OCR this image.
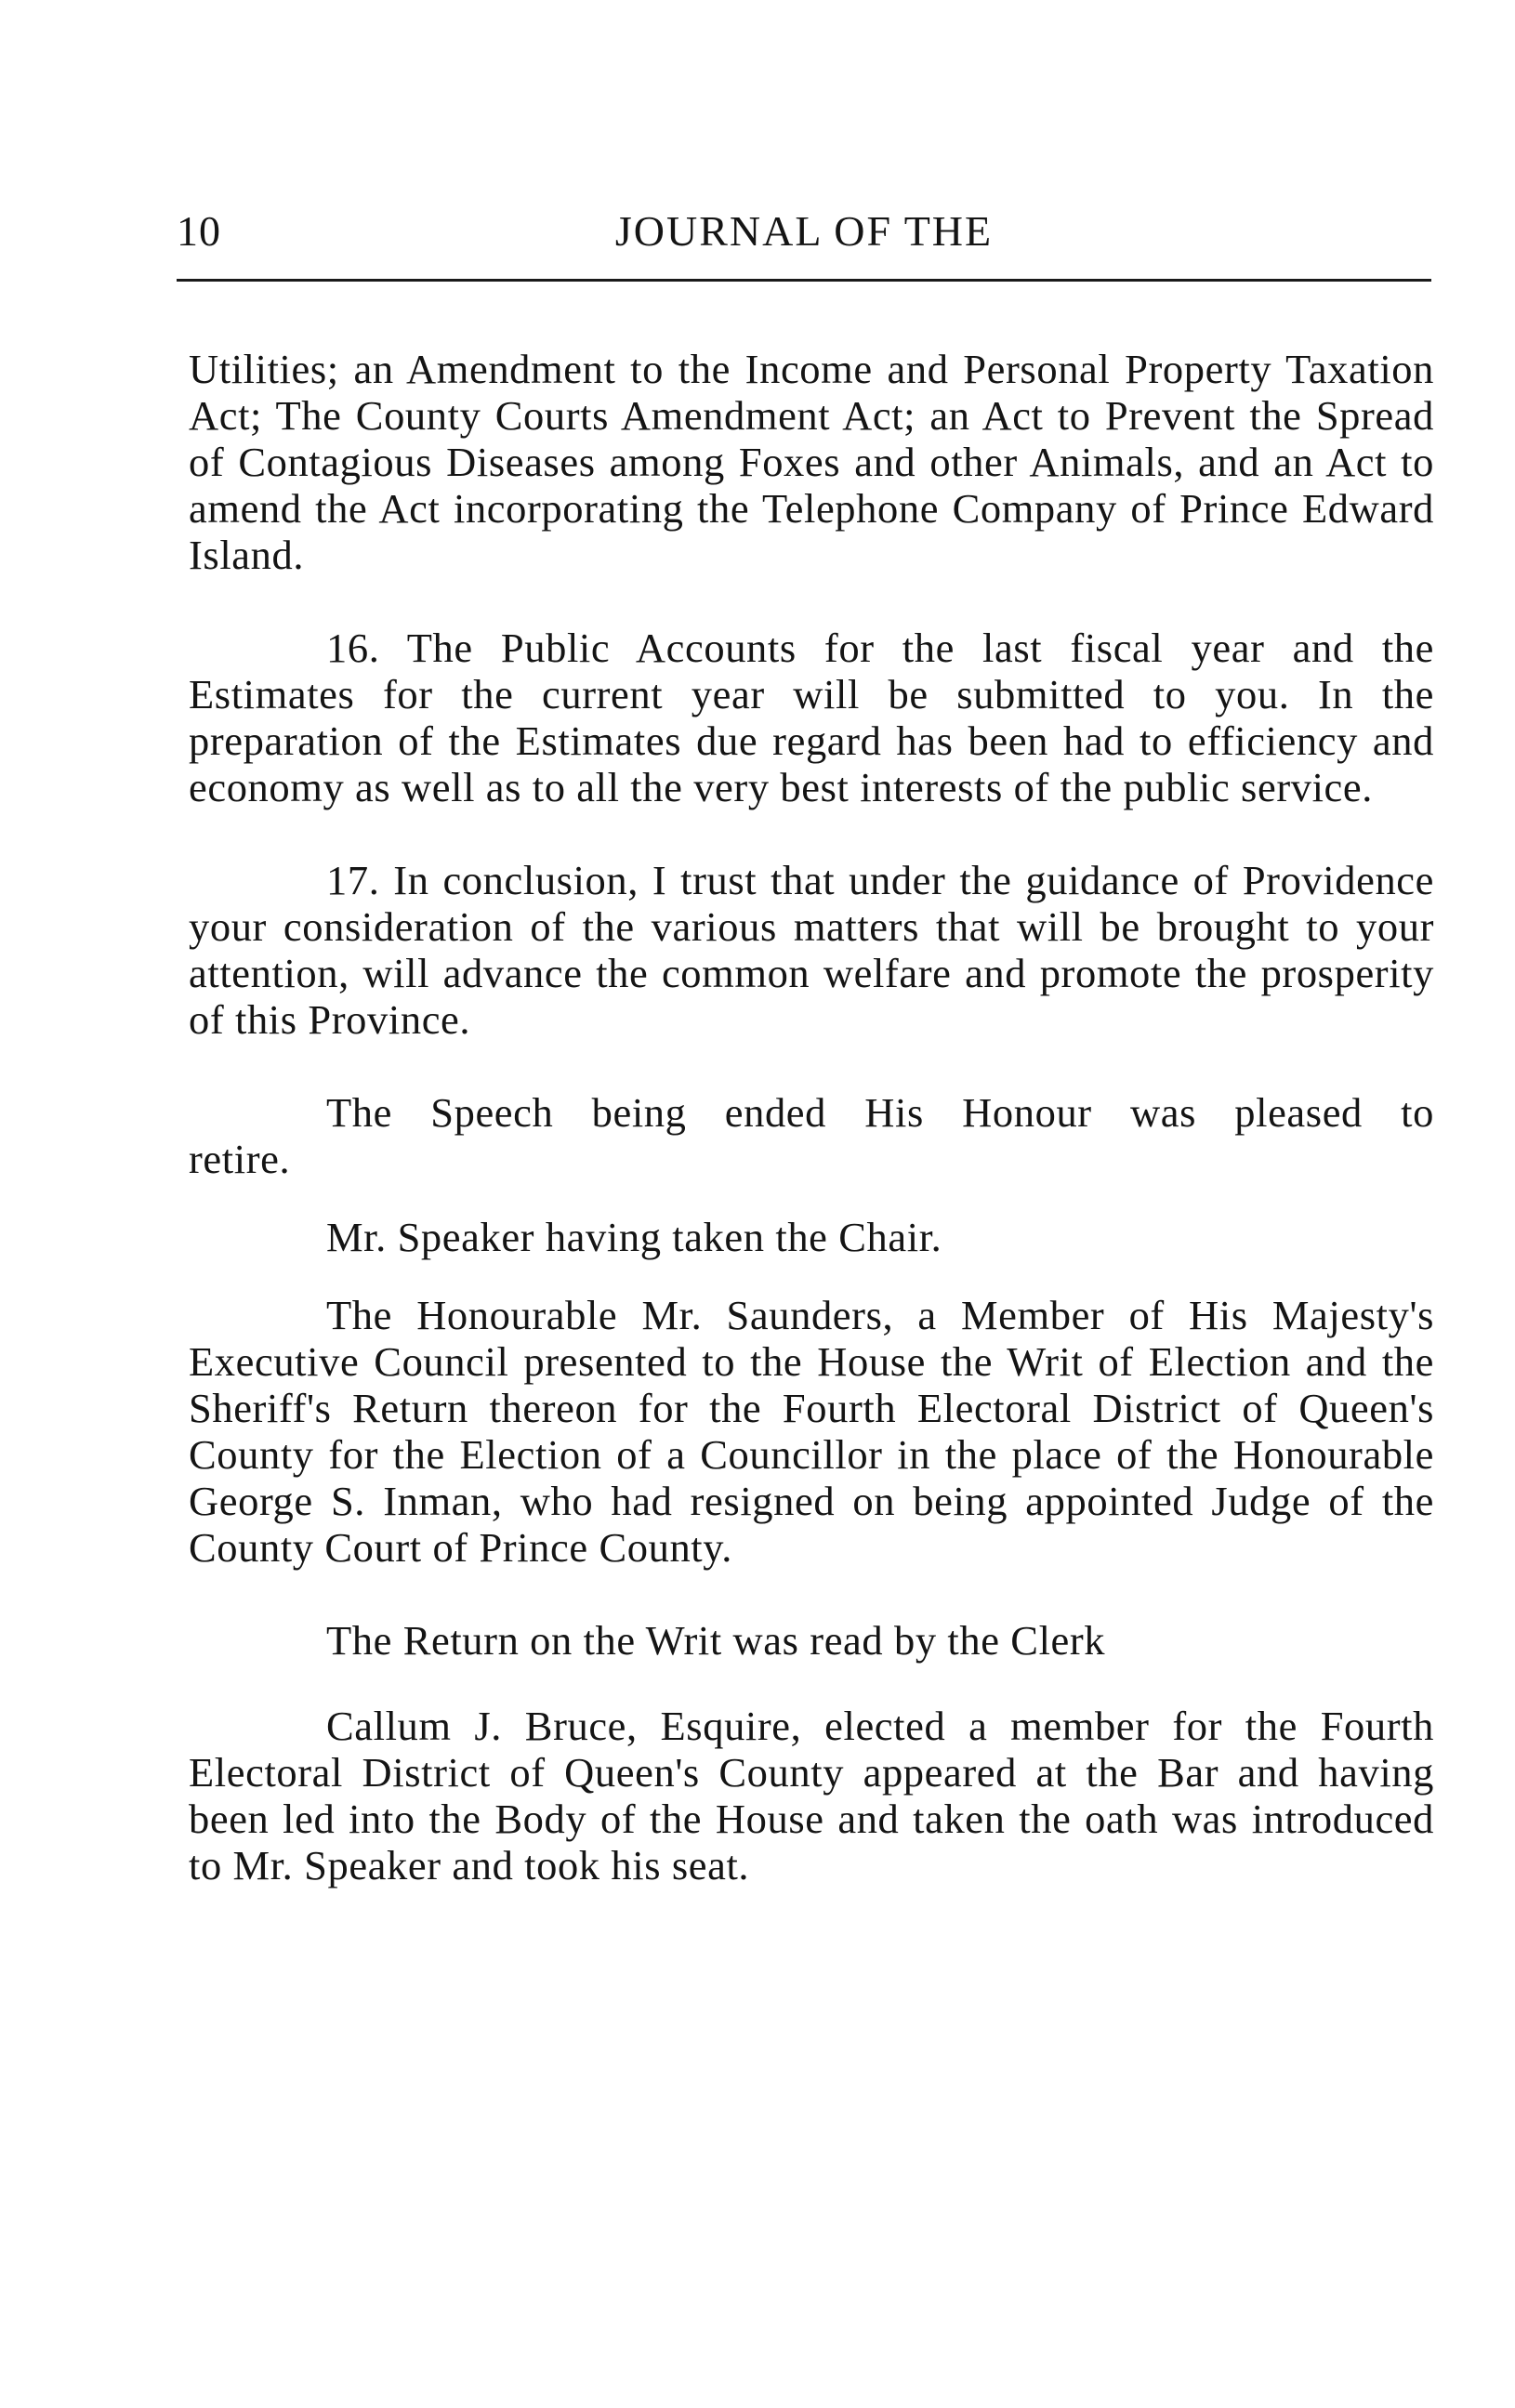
10	JOURNAL OF THE

Utilities; an Amendment to the Income and Personal Property Taxation Act; The County Courts Amendment Act; an Act to Prevent the Spread of Contagious Diseases among Foxes and other Animals, and an Act to amend the Act incorporating the Telephone Company of Prince Edward Island.

16. The Public Accounts for the last fiscal year and the Estimates for the current year will be submitted to you. In the preparation of the Estimates due regard has been had to efficiency and economy as well as to all the very best interests of the public service.

17. In conclusion, I trust that under the guidance of Providence your consideration of the various matters that will be brought to your attention, will advance the common welfare and promote the prosperity of this Province.

The Speech being ended His Honour was pleased to
retire.

Mr. Speaker having taken the Chair.

The Honourable Mr. Saunders, a Member of His Majesty's Executive Council presented to the House the Writ of Election and the Sheriff's Return thereon for the Fourth Electoral District of Queen's County for the Election of a Councillor in the place of the Honourable George S. Inman, who had resigned on being appointed Judge of the County Court of Prince County.

The Return on the Writ was read by the Clerk

Callum J. Bruce, Esquire, elected a member for the Fourth Electoral District of Queen's County appeared at the Bar and having been led into the Body of the House and taken the oath was introduced to Mr. Speaker and took his seat.
